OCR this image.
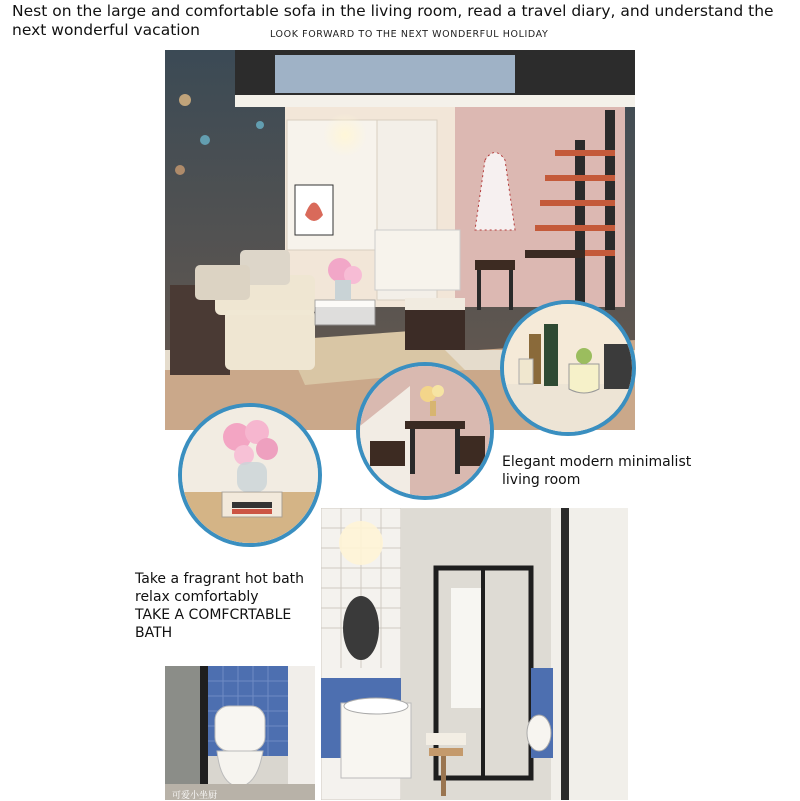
Nest on the large and comfortable sofa in the living room, read a travel diary, and understand the next wonderful vacation	LOOK FORWARD TO THE NEXT WONDERFUL HOLIDAY
Elegant modern minimalist
living room
Take a fragrant hot bath
relax comfortably
TAKE A COMFCRTABLE
BATH
可爱小坐厨
